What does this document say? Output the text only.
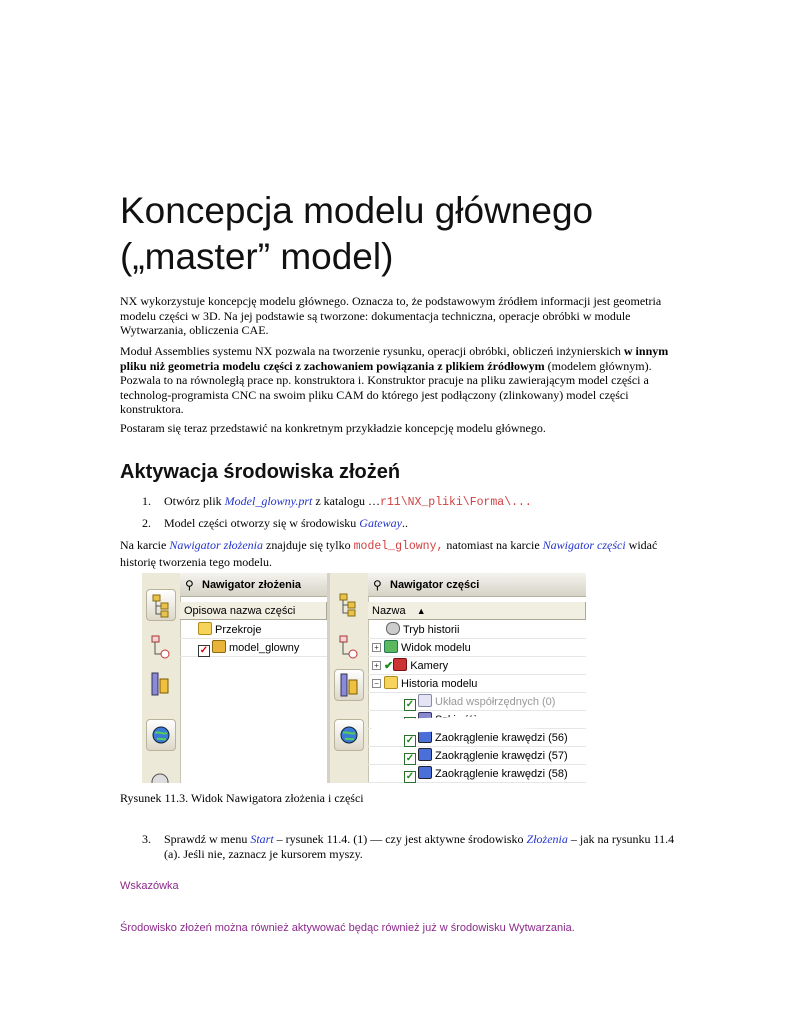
Koncepcja modelu głównego („master” model)

NX wykorzystuje koncepcję modelu głównego. Oznacza to, że podstawowym źródłem informacji jest geometria modelu części w 3D. Na jej podstawie są tworzone: dokumentacja techniczna, operacje obróbki w module Wytwarzania, obliczenia CAE.

Moduł Assemblies systemu NX pozwala na tworzenie rysunku, operacji obróbki, obliczeń inżynierskich w innym pliku niż geometria modelu części z zachowaniem powiązania z plikiem źródłowym (modelem głównym). Pozwala to na równoległą prace np. konstruktora i. Konstruktor pracuje na pliku zawierającym model części a technolog-programista CNC na swoim pliku CAM do którego jest podłączony (zlinkowany) model części konstruktora.

Postaram się teraz przedstawić na konkretnym przykładzie koncepcję modelu głównego.

Aktywacja środowiska złożeń
1. Otwórz plik Model_glowny.prt z katalogu …r11\NX_pliki\Forma\...
2. Model części otworzy się w środowisku Gateway..

Na karcie Nawigator złożenia znajduje się tylko model_glowny, natomiast na karcie Nawigator części widać historię tworzenia tego modelu.

⚲ Nawigator złożenia
Opisowa nazwa części
Przekroje
✓ model_glowny
⚲ Nawigator części
Nazwa ▲
Tryb historii
+ Widok modelu
+ ✔ Kamery
− Historia modelu
✓ Układ współrzędnych (0)
✓ Zaokrąglenie krawędzi (56)
✓ Zaokrąglenie krawędzi (57)
✓ Zaokrąglenie krawędzi (58)

Rysunek 11.3. Widok Nawigatora złożenia i części

3. Sprawdź w menu Start – rysunek 11.4. (1) — czy jest aktywne środowisko Złożenia – jak na rysunku 11.4 (a). Jeśli nie, zaznacz je kursorem myszy.
Wskazówka
Środowisko złożeń można również aktywować będąc również już w środowisku Wytwarzania.
